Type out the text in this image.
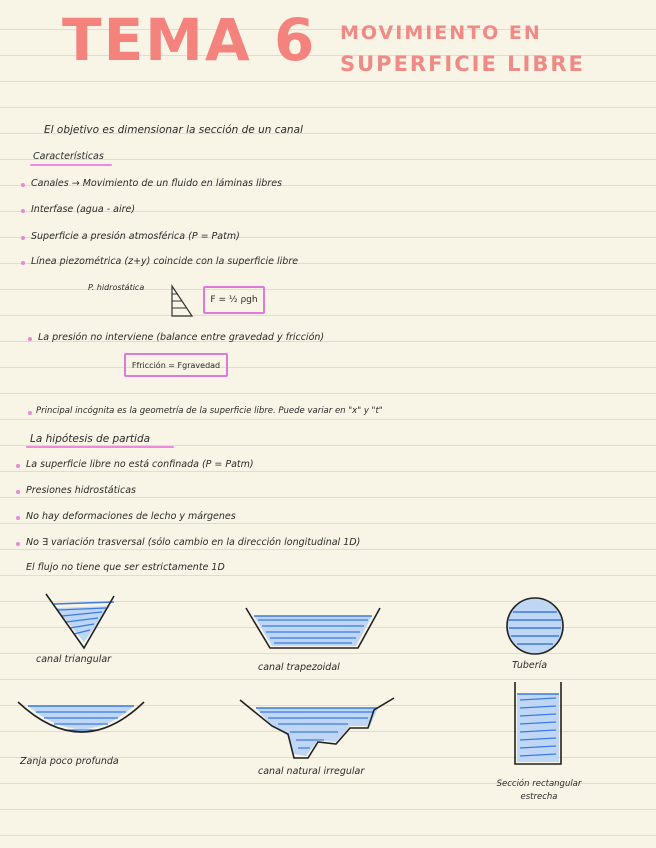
TEMA 6 MOVIMIENTO EN
SUPERFICIE LIBRE
El objetivo es dimensionar la sección de un canal
Características
Canales → Movimiento de un fluido en láminas libres
Interfase (agua - aire)
Superficie a presión atmosférica (P = Patm)
Línea piezométrica (z+y) coincide con la superficie libre
P. hidrostática
F = ½ ρgh
La presión no interviene (balance entre gravedad y fricción)
Ffricción = Fgravedad
Principal incógnita es la geometría de la superficie libre. Puede variar en "x" y "t"
La hipótesis de partida
La superficie libre no está confinada (P = Patm)
Presiones hidrostáticas
No hay deformaciones de lecho y márgenes
No ∃ variación trasversal (sólo cambio en la dirección longitudinal 1D)
El flujo no tiene que ser estrictamente 1D
canal triangular
canal trapezoidal	Tubería
Zanja poco profunda
canal natural irregular
Sección rectangular estrecha
